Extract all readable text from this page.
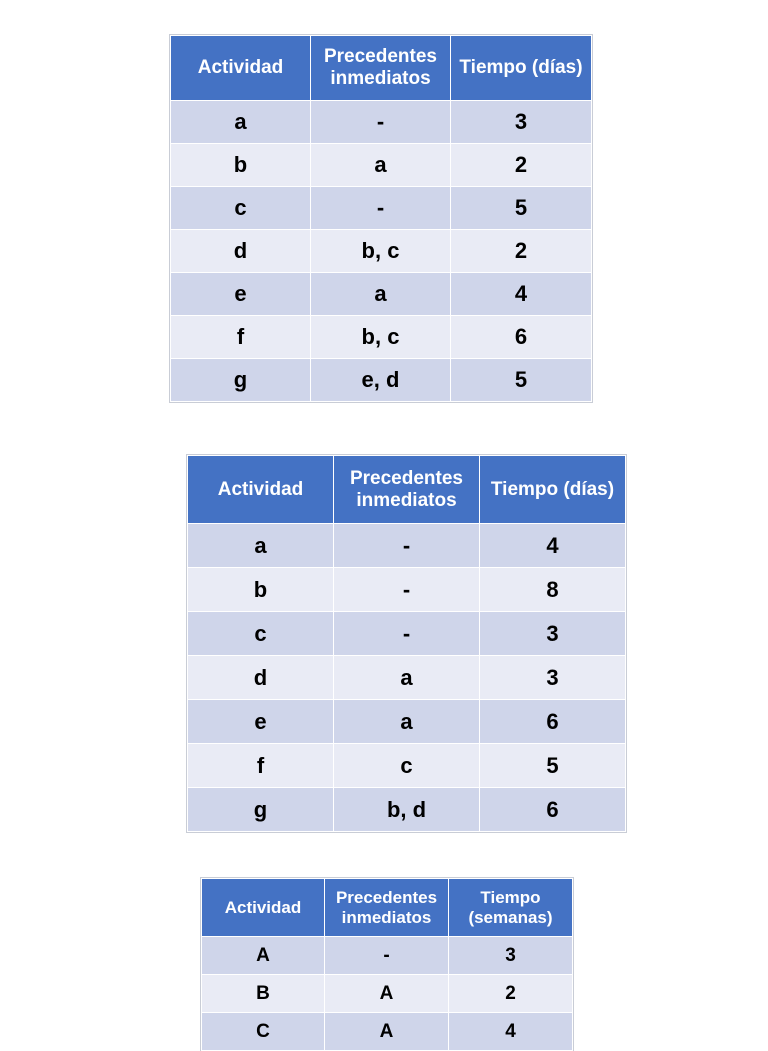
Actividad	Precedentes inmediatos	Tiempo (días)
a	-	3
b	a	2
c	-	5
d	b, c	2
e	a	4
f	b, c	6
g	e, d	5
Actividad	Precedentes inmediatos	Tiempo (días)
a	-	4
b	-	8
c	-	3
d	a	3
e	a	6
f	c	5
g	b, d	6
Actividad	Precedentes inmediatos	Tiempo (semanas)
A	-	3
B	A	2
C	A	4
